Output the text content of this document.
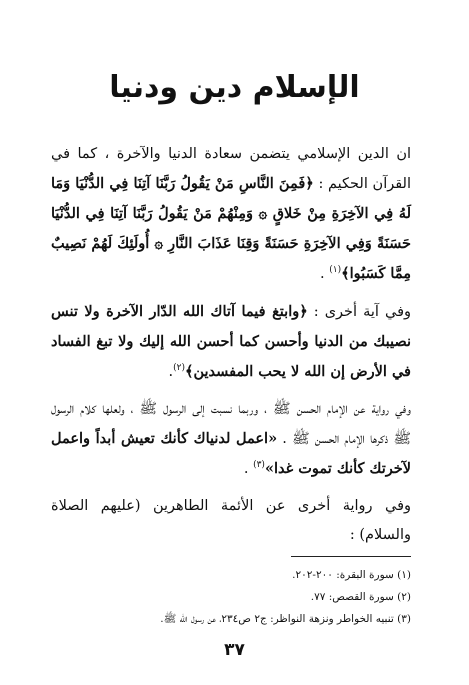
الإسلام دين ودنيا

ان الدين الإسلامي يتضمن سعادة الدنيا والآخرة ، كما في القرآن الحكيم : ﴿فَمِنَ النَّاسِ مَنْ يَقُولُ رَبَّنَا آتِنَا فِي الدُّنْيَا وَمَا لَهُ فِي الآخِرَةِ مِنْ خَلاقٍ ۞ وَمِنْهُمْ مَنْ يَقُولُ رَبَّنَا آتِنَا فِي الدُّنْيَا حَسَنَةً وَفِي الآخِرَةِ حَسَنَةً وَقِنَا عَذَابَ النَّارِ ۞ أُولَئِكَ لَهُمْ نَصِيبٌ مِمَّا كَسَبُوا﴾$^{(١)}$ .

وفي آية أخرى : ﴿وابتغ فيما آتاك الله الدّار الآخرة ولا تنس نصيبك من الدنيا وأحسن كما أحسن الله إليك ولا تبغ الفساد في الأرض إن الله لا يحب المفسدين﴾$^{(٢)}$.

وفي رواية عن الإمام الحسن ﷺ ، وربما نسبت إلى الرسول ﷺ ، ولعلها كلام الرسول ﷺ ذكرها الإمام الحسن ﷺ . «اعمل لدنياك كأنك تعيش أبداً واعمل لآخرتك كأنك تموت غدا»$^{(٣)}$ .

وفي رواية أخرى عن الأئمة الطاهرين (عليهم الصلاة والسلام) :

(١) سورة البقرة: ٢٠٠-٢٠٢.
(٢) سورة القصص: ٧٧.
(٣) تنبيه الخواطر ونزهة النواظر: ج٢ ص٢٣٤، عن رسول الله ﷺ.
٣٧
